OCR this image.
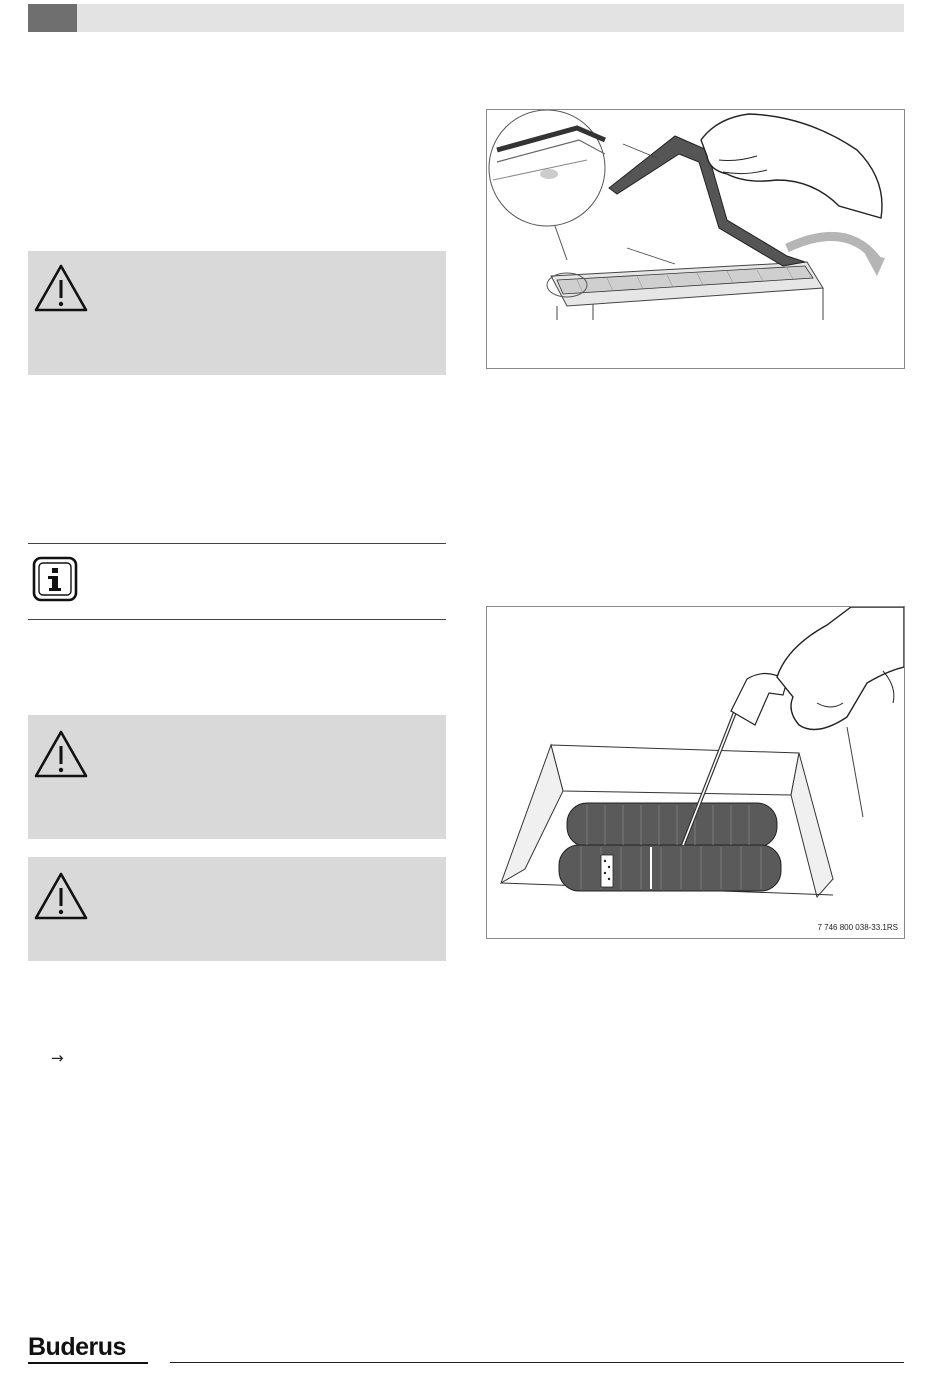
→
7 746 800 038-33.1RS
Buderus
